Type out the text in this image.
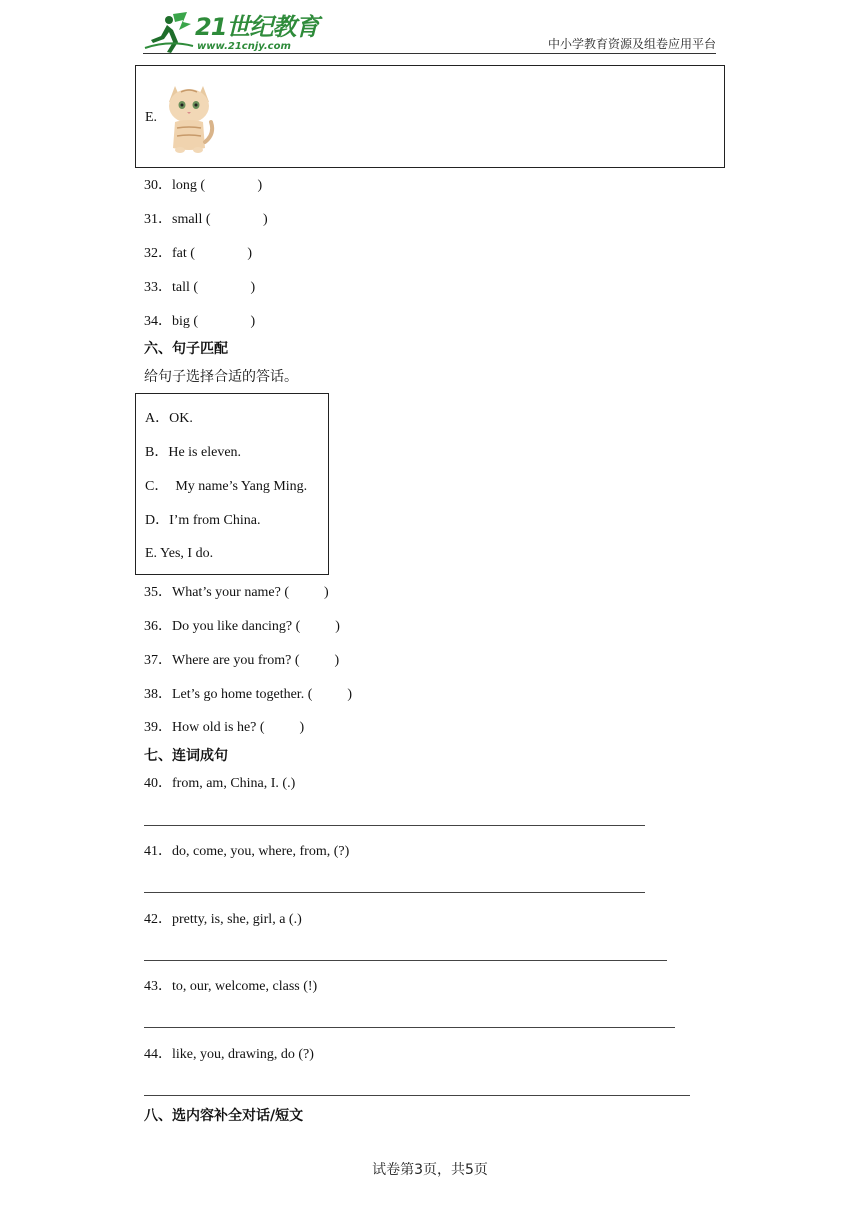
21世纪教育
www.21cnjy.com	中小学教育资源及组卷应用平台
E.
30．long (               )
31．small (               )
32．fat (               )
33．tall (               )
34．big (               )
六、句子匹配
给句子选择合适的答话。
A．OK.
B．He is eleven.
C．  My name’s Yang Ming.
D．I’m from China.
E. Yes, I do.
35．What’s your name? (          )
36．Do you like dancing? (          )
37．Where are you from? (          )
38．Let’s go home together. (          )
39．How old is he? (          )
七、连词成句
40．from, am, China, I. (.)
41．do, come, you, where, from, (?)
42．pretty, is, she, girl, a (.)
43．to, our, welcome, class (!)
44．like, you, drawing, do (?)
八、选内容补全对话/短文
试卷第3页，共5页
